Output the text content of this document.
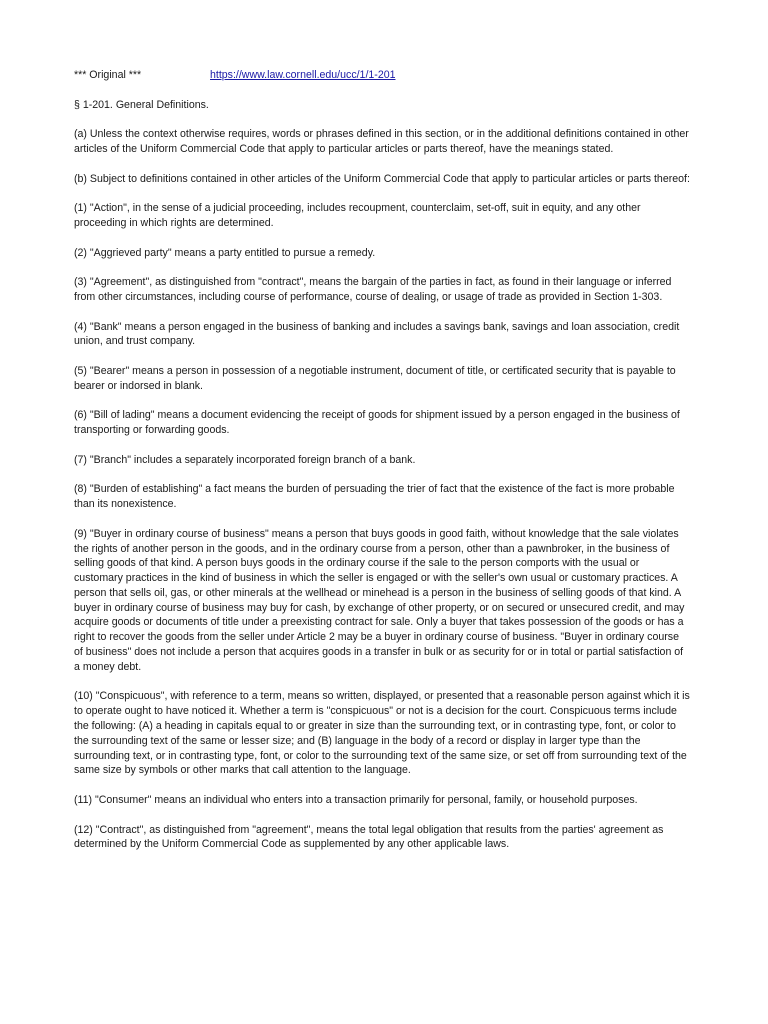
*** Original ***	https://www.law.cornell.edu/ucc/1/1-201

§ 1-201. General Definitions.

(a) Unless the context otherwise requires, words or phrases defined in this section, or in the additional definitions contained in other articles of the Uniform Commercial Code that apply to particular articles or parts thereof, have the meanings stated.

(b) Subject to definitions contained in other articles of the Uniform Commercial Code that apply to particular articles or parts thereof:

(1) "Action", in the sense of a judicial proceeding, includes recoupment, counterclaim, set-off, suit in equity, and any other proceeding in which rights are determined.

(2) "Aggrieved party" means a party entitled to pursue a remedy.

(3) "Agreement", as distinguished from "contract", means the bargain of the parties in fact, as found in their language or inferred from other circumstances, including course of performance, course of dealing, or usage of trade as provided in Section 1-303.

(4) "Bank" means a person engaged in the business of banking and includes a savings bank, savings and loan association, credit union, and trust company.

(5) "Bearer" means a person in possession of a negotiable instrument, document of title, or certificated security that is payable to bearer or indorsed in blank.

(6) "Bill of lading" means a document evidencing the receipt of goods for shipment issued by a person engaged in the business of transporting or forwarding goods.

(7) "Branch" includes a separately incorporated foreign branch of a bank.

(8) "Burden of establishing" a fact means the burden of persuading the trier of fact that the existence of the fact is more probable than its nonexistence.

(9) "Buyer in ordinary course of business" means a person that buys goods in good faith, without knowledge that the sale violates the rights of another person in the goods, and in the ordinary course from a person, other than a pawnbroker, in the business of selling goods of that kind. A person buys goods in the ordinary course if the sale to the person comports with the usual or customary practices in the kind of business in which the seller is engaged or with the seller's own usual or customary practices. A person that sells oil, gas, or other minerals at the wellhead or minehead is a person in the business of selling goods of that kind. A buyer in ordinary course of business may buy for cash, by exchange of other property, or on secured or unsecured credit, and may acquire goods or documents of title under a preexisting contract for sale. Only a buyer that takes possession of the goods or has a right to recover the goods from the seller under Article 2 may be a buyer in ordinary course of business. "Buyer in ordinary course of business" does not include a person that acquires goods in a transfer in bulk or as security for or in total or partial satisfaction of a money debt.

(10) "Conspicuous", with reference to a term, means so written, displayed, or presented that a reasonable person against which it is to operate ought to have noticed it. Whether a term is "conspicuous" or not is a decision for the court. Conspicuous terms include the following: (A) a heading in capitals equal to or greater in size than the surrounding text, or in contrasting type, font, or color to the surrounding text of the same or lesser size; and (B) language in the body of a record or display in larger type than the surrounding text, or in contrasting type, font, or color to the surrounding text of the same size, or set off from surrounding text of the same size by symbols or other marks that call attention to the language.

(11) "Consumer" means an individual who enters into a transaction primarily for personal, family, or household purposes.

(12) "Contract", as distinguished from "agreement", means the total legal obligation that results from the parties' agreement as determined by the Uniform Commercial Code as supplemented by any other applicable laws.
